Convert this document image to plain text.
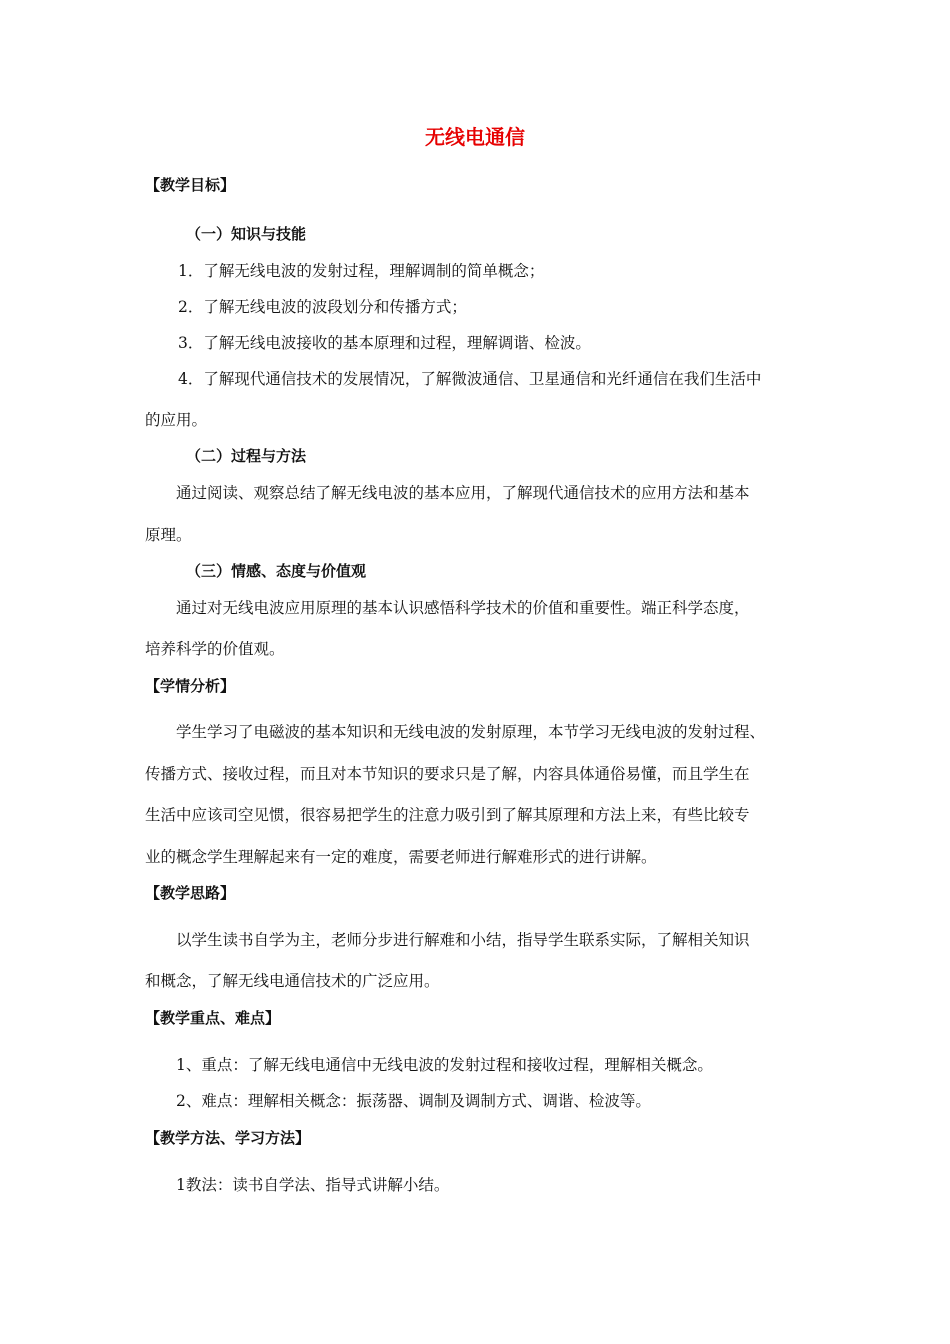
无线电通信
【教学目标】
（一）知识与技能
1．了解无线电波的发射过程，理解调制的简单概念；
2．了解无线电波的波段划分和传播方式；
3．了解无线电波接收的基本原理和过程，理解调谐、检波。
4．了解现代通信技术的发展情况，了解微波通信、卫星通信和光纤通信在我们生活中
的应用。
（二）过程与方法
通过阅读、观察总结了解无线电波的基本应用，了解现代通信技术的应用方法和基本
原理。
（三）情感、态度与价值观
通过对无线电波应用原理的基本认识感悟科学技术的价值和重要性。端正科学态度，
培养科学的价值观。
【学情分析】
学生学习了电磁波的基本知识和无线电波的发射原理，本节学习无线电波的发射过程、
传播方式、接收过程，而且对本节知识的要求只是了解，内容具体通俗易懂，而且学生在
生活中应该司空见惯，很容易把学生的注意力吸引到了解其原理和方法上来，有些比较专
业的概念学生理解起来有一定的难度，需要老师进行解难形式的进行讲解。
【教学思路】
以学生读书自学为主，老师分步进行解难和小结，指导学生联系实际，了解相关知识
和概念，了解无线电通信技术的广泛应用。
【教学重点、难点】
1、重点：了解无线电通信中无线电波的发射过程和接收过程，理解相关概念。
2、难点：理解相关概念：振荡器、调制及调制方式、调谐、检波等。
【教学方法、学习方法】
1教法：读书自学法、指导式讲解小结。
